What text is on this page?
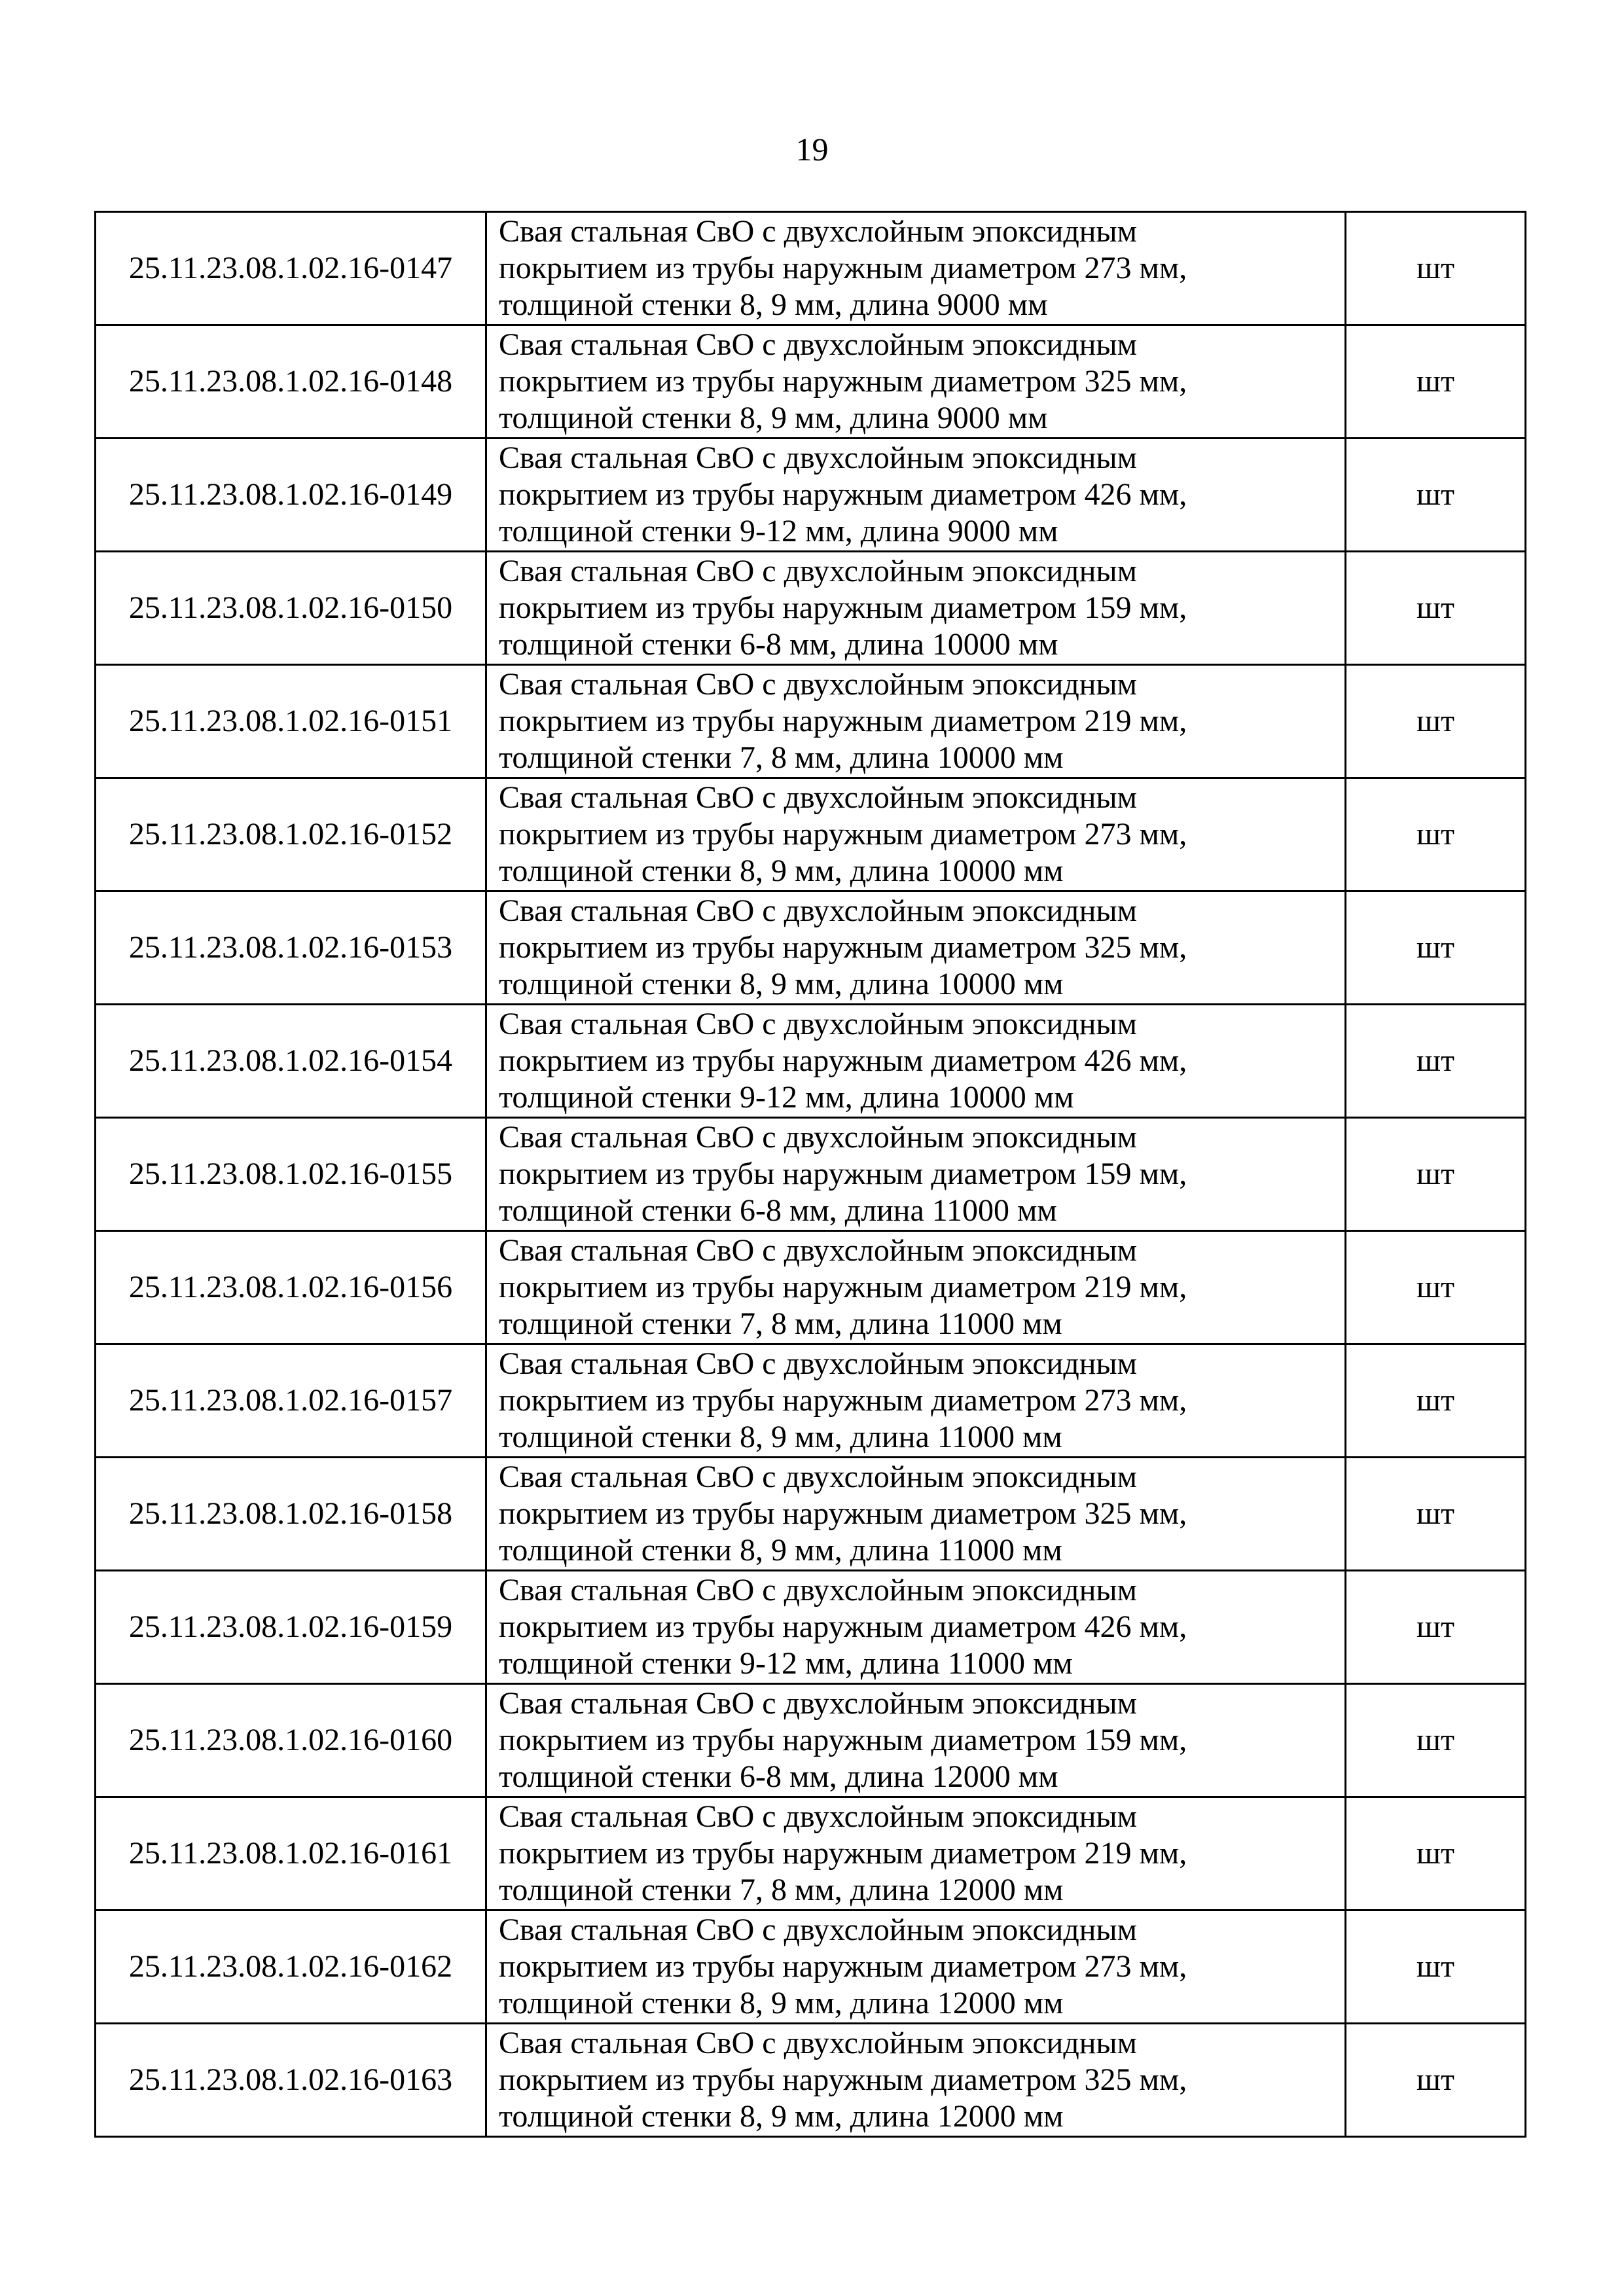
19
25.11.23.08.1.02.16-0147	Свая стальная СвО с двухслойным эпоксидным
покрытием из трубы наружным диаметром 273 мм,
толщиной стенки 8, 9 мм, длина 9000 мм	шт
25.11.23.08.1.02.16-0148	Свая стальная СвО с двухслойным эпоксидным
покрытием из трубы наружным диаметром 325 мм,
толщиной стенки 8, 9 мм, длина 9000 мм	шт
25.11.23.08.1.02.16-0149	Свая стальная СвО с двухслойным эпоксидным
покрытием из трубы наружным диаметром 426 мм,
толщиной стенки 9-12 мм, длина 9000 мм	шт
25.11.23.08.1.02.16-0150	Свая стальная СвО с двухслойным эпоксидным
покрытием из трубы наружным диаметром 159 мм,
толщиной стенки 6-8 мм, длина 10000 мм	шт
25.11.23.08.1.02.16-0151	Свая стальная СвО с двухслойным эпоксидным
покрытием из трубы наружным диаметром 219 мм,
толщиной стенки 7, 8 мм, длина 10000 мм	шт
25.11.23.08.1.02.16-0152	Свая стальная СвО с двухслойным эпоксидным
покрытием из трубы наружным диаметром 273 мм,
толщиной стенки 8, 9 мм, длина 10000 мм	шт
25.11.23.08.1.02.16-0153	Свая стальная СвО с двухслойным эпоксидным
покрытием из трубы наружным диаметром 325 мм,
толщиной стенки 8, 9 мм, длина 10000 мм	шт
25.11.23.08.1.02.16-0154	Свая стальная СвО с двухслойным эпоксидным
покрытием из трубы наружным диаметром 426 мм,
толщиной стенки 9-12 мм, длина 10000 мм	шт
25.11.23.08.1.02.16-0155	Свая стальная СвО с двухслойным эпоксидным
покрытием из трубы наружным диаметром 159 мм,
толщиной стенки 6-8 мм, длина 11000 мм	шт
25.11.23.08.1.02.16-0156	Свая стальная СвО с двухслойным эпоксидным
покрытием из трубы наружным диаметром 219 мм,
толщиной стенки 7, 8 мм, длина 11000 мм	шт
25.11.23.08.1.02.16-0157	Свая стальная СвО с двухслойным эпоксидным
покрытием из трубы наружным диаметром 273 мм,
толщиной стенки 8, 9 мм, длина 11000 мм	шт
25.11.23.08.1.02.16-0158	Свая стальная СвО с двухслойным эпоксидным
покрытием из трубы наружным диаметром 325 мм,
толщиной стенки 8, 9 мм, длина 11000 мм	шт
25.11.23.08.1.02.16-0159	Свая стальная СвО с двухслойным эпоксидным
покрытием из трубы наружным диаметром 426 мм,
толщиной стенки 9-12 мм, длина 11000 мм	шт
25.11.23.08.1.02.16-0160	Свая стальная СвО с двухслойным эпоксидным
покрытием из трубы наружным диаметром 159 мм,
толщиной стенки 6-8 мм, длина 12000 мм	шт
25.11.23.08.1.02.16-0161	Свая стальная СвО с двухслойным эпоксидным
покрытием из трубы наружным диаметром 219 мм,
толщиной стенки 7, 8 мм, длина 12000 мм	шт
25.11.23.08.1.02.16-0162	Свая стальная СвО с двухслойным эпоксидным
покрытием из трубы наружным диаметром 273 мм,
толщиной стенки 8, 9 мм, длина 12000 мм	шт
25.11.23.08.1.02.16-0163	Свая стальная СвО с двухслойным эпоксидным
покрытием из трубы наружным диаметром 325 мм,
толщиной стенки 8, 9 мм, длина 12000 мм	шт
